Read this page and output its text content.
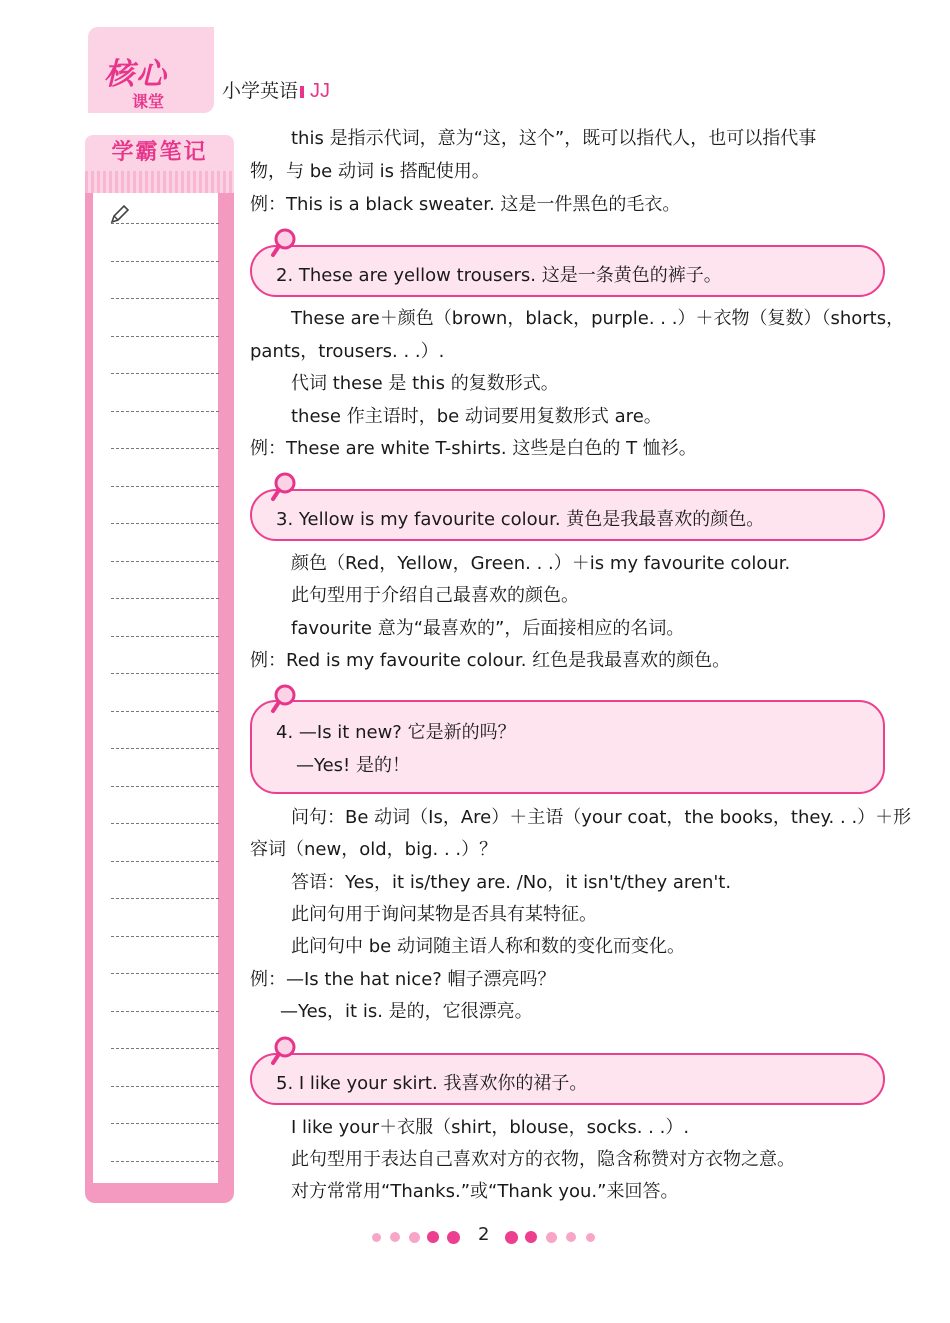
核心
课堂	小学英语 JJ
学霸笔记
this 是指示代词，意为“这，这个”，既可以指代人，也可以指代事
物，与 be 动词 is 搭配使用。
例：This is a black sweater. 这是一件黑色的毛衣。
2. These are yellow trousers. 这是一条黄色的裤子。
These are＋颜色（brown，black，purple. . .）＋衣物（复数）（shorts，
pants，trousers. . .）.
代词 these 是 this 的复数形式。
these 作主语时，be 动词要用复数形式 are。
例：These are white T-shirts. 这些是白色的 T 恤衫。
3. Yellow is my favourite colour. 黄色是我最喜欢的颜色。
颜色（Red，Yellow，Green. . .）＋is my favourite colour.
此句型用于介绍自己最喜欢的颜色。
favourite 意为“最喜欢的”，后面接相应的名词。
例：Red is my favourite colour. 红色是我最喜欢的颜色。
4. —Is it new? 它是新的吗？
—Yes! 是的！
问句：Be 动词（Is，Are）＋主语（your coat，the books，they. . .）＋形
容词（new，old，big. . .）？
答语：Yes，it is/they are. /No，it isn't/they aren't.
此问句用于询问某物是否具有某特征。
此问句中 be 动词随主语人称和数的变化而变化。
例：—Is the hat nice? 帽子漂亮吗？
—Yes，it is. 是的，它很漂亮。
5. I like your skirt. 我喜欢你的裙子。
I like your＋衣服（shirt，blouse，socks. . .）.
此句型用于表达自己喜欢对方的衣物，隐含称赞对方衣物之意。
对方常常用“Thanks.”或“Thank you.”来回答。
2
